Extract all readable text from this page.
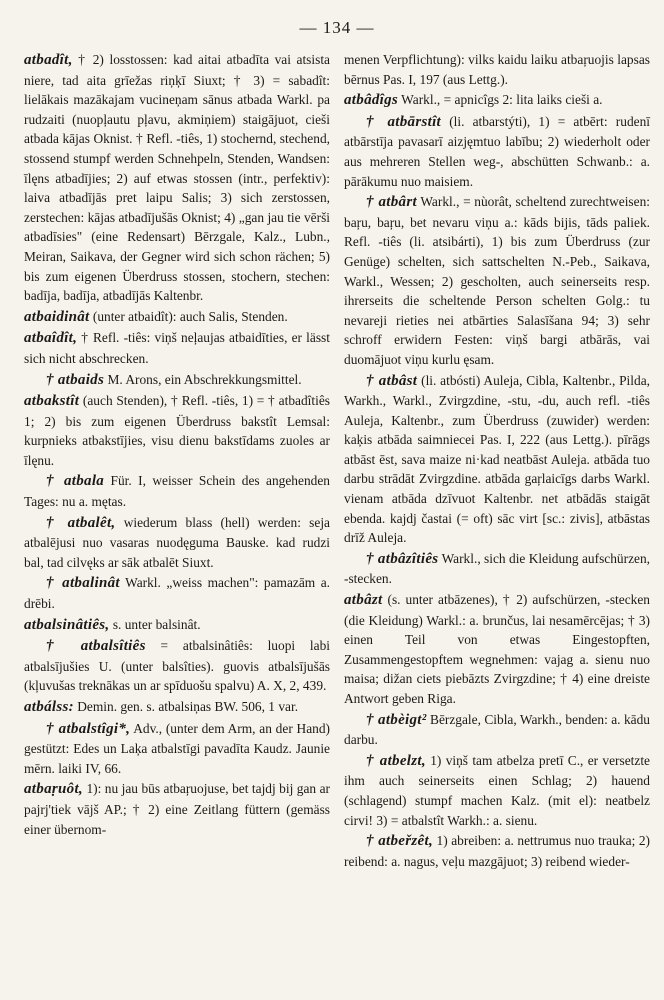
— 134 —

atbadît, † 2) losstossen: kad aitai atbadīta vai atsista niere, tad aita grīežas riņķī Siuxt; † 3) = sabadît: lielākais mazākajam vucineņam sānus atbada Warkl. pa rudzaiti (nuopļautu pļavu, akmiņiem) staigājuot, cieši atbada kājas Oknist. † Refl. -tiês, 1) stochernd, stechend, stossend stumpf werden Schnehpeln, Stenden, Wandsen: īlęns atbadījies; 2) auf etwas stossen (intr., perfektiv): laiva atbadījās pret laipu Salis; 3) sich zerstossen, zerstechen: kājas atbadījušās Oknist; 4) „gan jau tie vērši atbadīsies" (eine Redensart) Bērzgale, Kalz., Lubn., Meiran, Saikava, der Gegner wird sich schon rächen; 5) bis zum eigenen Überdruss stossen, stochern, stechen: badīja, badīja, atbadījās Kaltenbr.

atbaidinât (unter atbaidît): auch Salis, Stenden.

atbaîdît, † Refl. -tiês: viņš neļaujas atbaidīties, er lässt sich nicht abschrecken.

† atbaids M. Arons, ein Abschrekkungsmittel.

atbakstît (auch Stenden), † Refl. -tiês, 1) = † atbadîtiês 1; 2) bis zum eigenen Überdruss bakstît Lemsal: kurpnieks atbakstījies, visu dienu bakstīdams zuoles ar īlęnu.

† atbala Für. I, weisser Schein des angehenden Tages: nu a. mętas.

† atbalêt, wiederum blass (hell) werden: seja atbalējusi nuo vasaras nuodęguma Bauske. kad rudzi bal, tad cilvęks ar sāk atbalēt Siuxt.

† atbalinât Warkl. „weiss machen": pamazām a. drēbi.

atbalsinâtiês, s. unter balsinât.

† atbalsîtiês = atbalsinâtiês: luopi labi atbalsījušies U. (unter balsîties). guovis atbalsījušās (kļuvušas treknākas un ar spīduošu spalvu) A. X, 2, 439.

atbálss: Demin. gen. s. atbalsiņas BW. 506, 1 var.

† atbalstîgi*, Adv., (unter dem Arm, an der Hand) gestützt: Edes un Laķa atbalstīgi pavadīta Kaudz. Jaunie mērn. laiki IV, 66.

atbaṛuôt, 1): nu jau būs atbaŗuojuse, bet tajdj bij gan ar pajrj'tiek vājš AP.; † 2) eine Zeitlang füttern (gemäss einer übernom-

menen Verpflichtung): vilks kaidu laiku atbaŗuojis lapsas bērnus Pas. I, 197 (aus Lettg.).

atbâdîgs Warkl., = apnicîgs 2: lita laiks cieši a.

† atbārstît (li. atbarstýti), 1) = atbērt: rudenī atbārstīja pavasarī aizjęmtuo labību; 2) wiederholt oder aus mehreren Stellen weg-, abschütten Schwanb.: a. pārākumu nuo maisiem.

† atbârt Warkl., = nùorât, scheltend zurechtweisen: baŗu, baŗu, bet nevaru viņu a.: kāds bijis, tāds paliek. Refl. -tiês (li. atsibárti), 1) bis zum Überdruss (zur Genüge) schelten, sich sattschelten N.-Peb., Saikava, Warkl., Wessen; 2) gescholten, auch seinerseits resp. ihrerseits die scheltende Person schelten Golg.: tu nevareji rieties nei atbārties Salasīšana 94; 3) sehr schroff erwidern Festen: viņš bargi atbārās, vai duomājuot viņu kurlu ęsam.

† atbâst (li. atbósti) Auleja, Cibla, Kaltenbr., Pilda, Warkh., Warkl., Zvirgzdine, -stu, -du, auch refl. -tiês Auleja, Kaltenbr., zum Überdruss (zuwider) werden: kaķis atbāda saimniecei Pas. I, 222 (aus Lettg.). pīrāgs atbāst ēst, sava maize ni·kad neatbāst Auleja. atbāda tuo darbu strādāt Zvirgzdine. atbāda gaŗlaicīgs darbs Warkl. vienam atbāda dzīvuot Kaltenbr. net atbādās staigāt ebenda. kajdj častai (= oft) sāc virt [sc.: zivis], atbāstas drīž Auleja.

† atbâzîtiês Warkl., sich die Kleidung aufschürzen, -stecken.

atbâzt (s. unter atbāzenes), † 2) aufschürzen, -stecken (die Kleidung) Warkl.: a. brunčus, lai nesamērcējas; † 3) einen Teil von etwas Eingestopften, Zusammengestopftem wegnehmen: vajag a. sienu nuo maisa; dižan ciets piebāzts Zvirgzdine; † 4) eine dreiste Antwort geben Riga.

† atbèigt² Bērzgale, Cibla, Warkh., benden: a. kādu darbu.

† atbelzt, 1) viņš tam atbelza pretī C., er versetzte ihm auch seinerseits einen Schlag; 2) hauend (schlagend) stumpf machen Kalz. (mit el): neatbelz cirvi! 3) = atbalstît Warkh.: a. sienu.

† atbeřzêt, 1) abreiben: a. nettrumus nuo trauka; 2) reibend: a. nagus, veļu mazgājuot; 3) reibend wieder-
